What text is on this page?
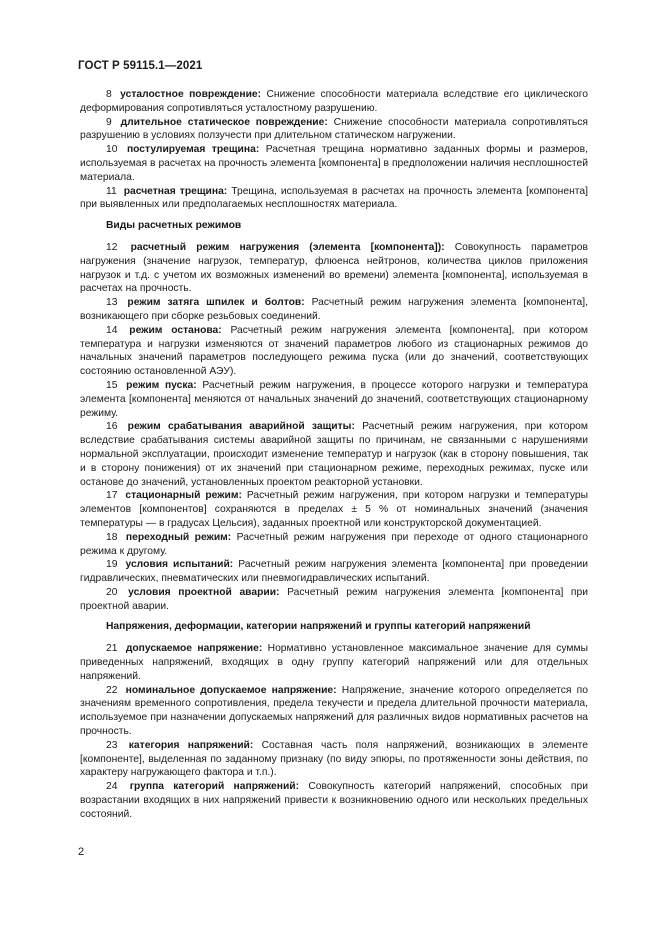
ГОСТ Р 59115.1—2021

8 усталостное повреждение: Снижение способности материала вследствие его циклического деформирования сопротивляться усталостному разрушению.

9 длительное статическое повреждение: Снижение способности материала сопротивляться разрушению в условиях ползучести при длительном статическом нагружении.

10 постулируемая трещина: Расчетная трещина нормативно заданных формы и размеров, используемая в расчетах на прочность элемента [компонента] в предположении наличия несплошностей материала.

11 расчетная трещина: Трещина, используемая в расчетах на прочность элемента [компонента] при выявленных или предполагаемых несплошностях материала.

Виды расчетных режимов

12 расчетный режим нагружения (элемента [компонента]): Совокупность параметров нагружения (значение нагрузок, температур, флюенса нейтронов, количества циклов приложения нагрузок и т.д. с учетом их возможных изменений во времени) элемента [компонента], используемая в расчетах на прочность.

13 режим затяга шпилек и болтов: Расчетный режим нагружения элемента [компонента], возникающего при сборке резьбовых соединений.

14 режим останова: Расчетный режим нагружения элемента [компонента], при котором температура и нагрузки изменяются от значений параметров любого из стационарных режимов до начальных значений параметров последующего режима пуска (или до значений, соответствующих состоянию остановленной АЭУ).

15 режим пуска: Расчетный режим нагружения, в процессе которого нагрузки и температура элемента [компонента] меняются от начальных значений до значений, соответствующих стационарному режиму.

16 режим срабатывания аварийной защиты: Расчетный режим нагружения, при котором вследствие срабатывания системы аварийной защиты по причинам, не связанными с нарушениями нормальной эксплуатации, происходит изменение температур и нагрузок (как в сторону повышения, так и в сторону понижения) от их значений при стационарном режиме, переходных режимах, пуске или останове до значений, установленных проектом реакторной установки.

17 стационарный режим: Расчетный режим нагружения, при котором нагрузки и температуры элементов [компонентов] сохраняются в пределах ± 5 % от номинальных значений (значения температуры — в градусах Цельсия), заданных проектной или конструкторской документацией.

18 переходный режим: Расчетный режим нагружения при переходе от одного стационарного режима к другому.

19 условия испытаний: Расчетный режим нагружения элемента [компонента] при проведении гидравлических, пневматических или пневмогидравлических испытаний.

20 условия проектной аварии: Расчетный режим нагружения элемента [компонента] при проектной аварии.

Напряжения, деформации, категории напряжений и группы категорий напряжений

21 допускаемое напряжение: Нормативно установленное максимальное значение для суммы приведенных напряжений, входящих в одну группу категорий напряжений или для отдельных напряжений.

22 номинальное допускаемое напряжение: Напряжение, значение которого определяется по значениям временного сопротивления, предела текучести и предела длительной прочности материала, используемое при назначении допускаемых напряжений для различных видов нормативных расчетов на прочность.

23 категория напряжений: Составная часть поля напряжений, возникающих в элементе [компоненте], выделенная по заданному признаку (по виду эпюры, по протяженности зоны действия, по характеру нагружающего фактора и т.п.).

24 группа категорий напряжений: Совокупность категорий напряжений, способных при возрастании входящих в них напряжений привести к возникновению одного или нескольких предельных состояний.

2
